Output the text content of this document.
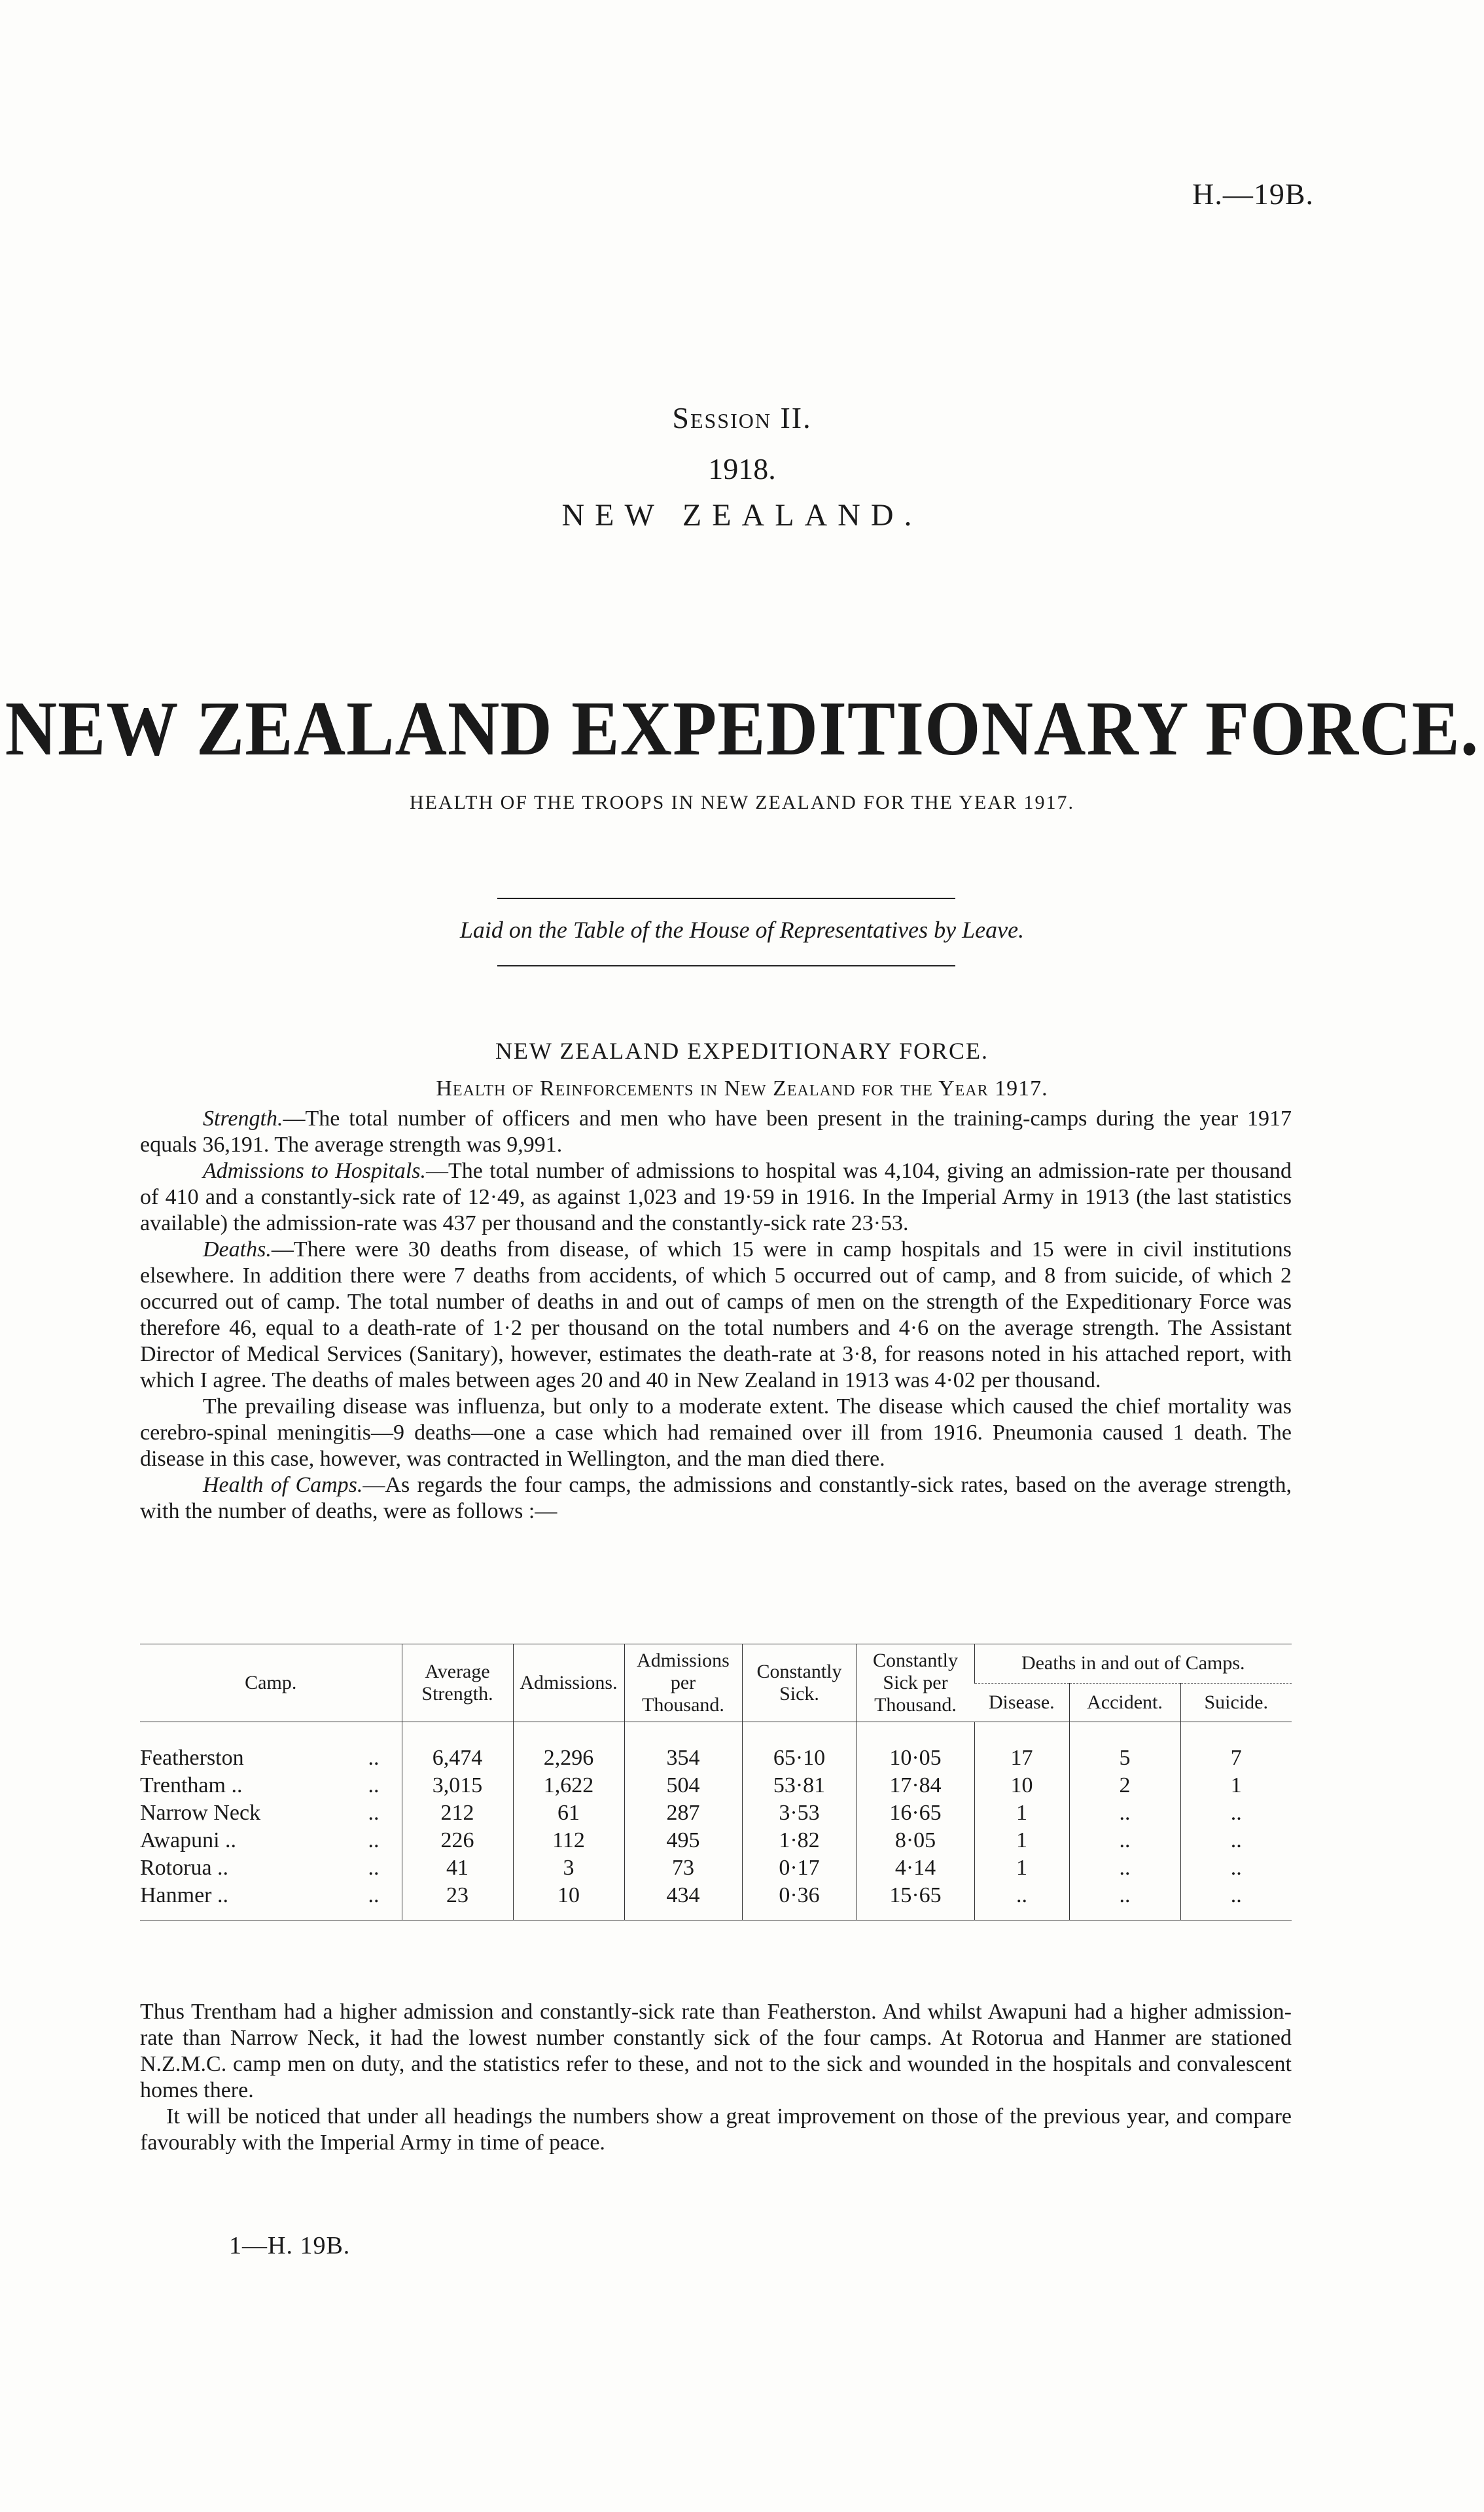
H.—19B.
Session II.
1918.
NEW ZEALAND.
NEW ZEALAND EXPEDITIONARY FORCE.
HEALTH OF THE TROOPS IN NEW ZEALAND FOR THE YEAR 1917.
Laid on the Table of the House of Representatives by Leave.
NEW ZEALAND EXPEDITIONARY FORCE.
Health of Reinforcements in New Zealand for the Year 1917.

Strength.—The total number of officers and men who have been present in the training-camps during the year 1917 equals 36,191. The average strength was 9,991.

Admissions to Hospitals.—The total number of admissions to hospital was 4,104, giving an admission-rate per thousand of 410 and a constantly-sick rate of 12·49, as against 1,023 and 19·59 in 1916. In the Imperial Army in 1913 (the last statistics available) the admission-rate was 437 per thousand and the constantly-sick rate 23·53.

Deaths.—There were 30 deaths from disease, of which 15 were in camp hospitals and 15 were in civil institutions elsewhere. In addition there were 7 deaths from accidents, of which 5 occurred out of camp, and 8 from suicide, of which 2 occurred out of camp. The total number of deaths in and out of camps of men on the strength of the Expeditionary Force was therefore 46, equal to a death-rate of 1·2 per thousand on the total numbers and 4·6 on the average strength. The Assistant Director of Medical Services (Sanitary), however, estimates the death-rate at 3·8, for reasons noted in his attached report, with which I agree. The deaths of males between ages 20 and 40 in New Zealand in 1913 was 4·02 per thousand.

The prevailing disease was influenza, but only to a moderate extent. The disease which caused the chief mortality was cerebro-spinal meningitis—9 deaths—one a case which had remained over ill from 1916. Pneumonia caused 1 death. The disease in this case, however, was contracted in Wellington, and the man died there.

Health of Camps.—As regards the four camps, the admissions and constantly-sick rates, based on the average strength, with the number of deaths, were as follows :—

Camp.	Average Strength.	Admissions.	Admissions per Thousand.	Constantly Sick.	Constantly Sick per Thousand.	Deaths in and out of Camps.		
						Disease.	Accident.	Suicide.

Featherston ..	6,474	2,296	354	65·10	10·05	17	5	7
Trentham .. ..	3,015	1,622	504	53·81	17·84	10	2	1
Narrow Neck ..	212	61	287	3·53	16·65	1	..	..
Awapuni .. ..	226	112	495	1·82	8·05	1	..	..
Rotorua .. ..	41	3	73	0·17	4·14	1	..	..
Hanmer .. ..	23	10	434	0·36	15·65	..	..	..

Thus Trentham had a higher admission and constantly-sick rate than Featherston. And whilst Awapuni had a higher admission-rate than Narrow Neck, it had the lowest number constantly sick of the four camps. At Rotorua and Hanmer are stationed N.Z.M.C. camp men on duty, and the statistics refer to these, and not to the sick and wounded in the hospitals and convalescent homes there.

It will be noticed that under all headings the numbers show a great improvement on those of the previous year, and compare favourably with the Imperial Army in time of peace.

1—H. 19B.
